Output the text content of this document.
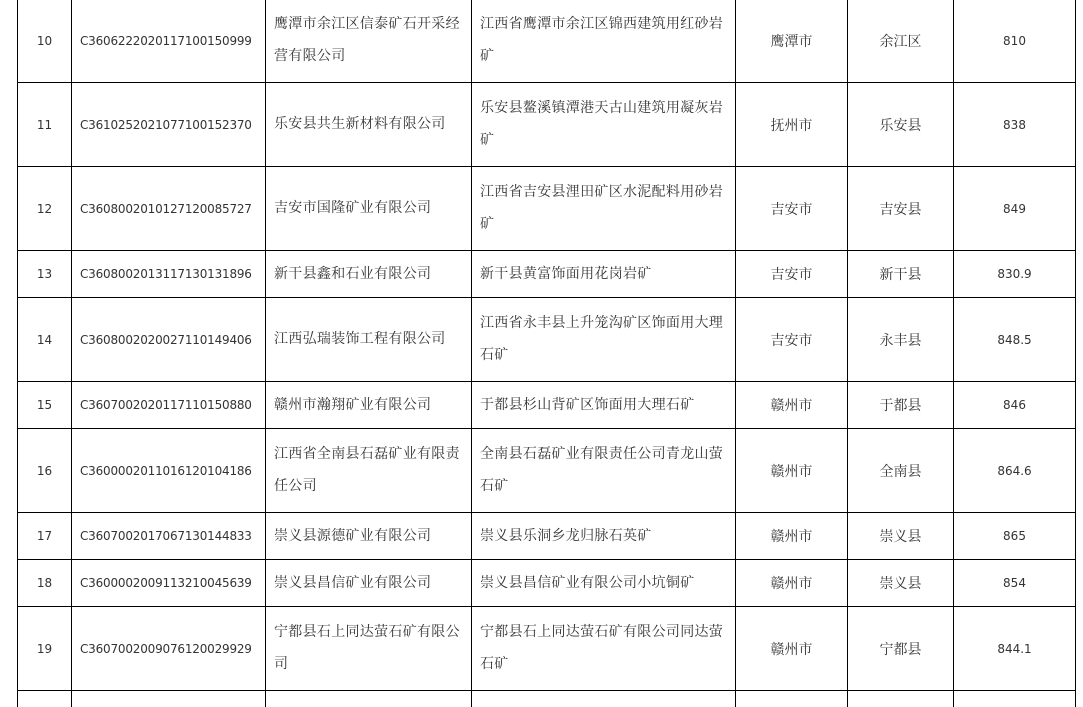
10	C3606222020117100150999	鹰潭市余江区信泰矿石开采经营有限公司	江西省鹰潭市余江区锦西建筑用红砂岩矿	鹰潭市	余江区	810
11	C3610252021077100152370	乐安县共生新材料有限公司	乐安县鳌溪镇潭港天古山建筑用凝灰岩矿	抚州市	乐安县	838
12	C3608002010127120085727	吉安市国隆矿业有限公司	江西省吉安县浬田矿区水泥配料用砂岩矿	吉安市	吉安县	849
13	C3608002013117130131896	新干县鑫和石业有限公司	新干县黄富饰面用花岗岩矿	吉安市	新干县	830.9
14	C3608002020027110149406	江西弘瑞装饰工程有限公司	江西省永丰县上升笼沟矿区饰面用大理石矿	吉安市	永丰县	848.5
15	C3607002020117110150880	赣州市瀚翔矿业有限公司	于都县杉山背矿区饰面用大理石矿	赣州市	于都县	846
16	C3600002011016120104186	江西省全南县石磊矿业有限责任公司	全南县石磊矿业有限责任公司青龙山萤石矿	赣州市	全南县	864.6
17	C3607002017067130144833	崇义县源德矿业有限公司	崇义县乐洞乡龙归脉石英矿	赣州市	崇义县	865
18	C3600002009113210045639	崇义县昌信矿业有限公司	崇义县昌信矿业有限公司小坑铜矿	赣州市	崇义县	854
19	C3607002009076120029929	宁都县石上同达萤石矿有限公司	宁都县石上同达萤石矿有限公司同达萤石矿	赣州市	宁都县	844.1
